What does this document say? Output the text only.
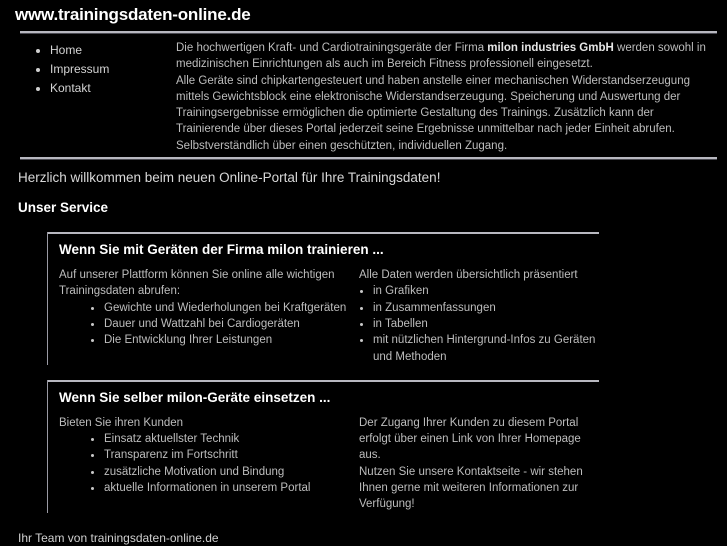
www.trainingsdaten-online.de
Home
Impressum
Kontakt

Die hochwertigen Kraft- und Cardiotrainingsgeräte der Firma milon industries GmbH werden sowohl in medizinischen Einrichtungen als auch im Bereich Fitness professionell eingesetzt.

Alle Geräte sind chipkartengesteuert und haben anstelle einer mechanischen Widerstandserzeugung mittels Gewichtsblock eine elektronische Widerstandserzeugung. Speicherung und Auswertung der Trainingsergebnisse ermöglichen die optimierte Gestaltung des Trainings. Zusätzlich kann der Trainierende über dieses Portal jederzeit seine Ergebnisse unmittelbar nach jeder Einheit abrufen. Selbstverständlich über einen geschützten, individuellen Zugang.

Herzlich willkommen beim neuen Online-Portal für Ihre Trainingsdaten!

Unser Service

Wenn Sie mit Geräten der Firma milon trainieren ...

Auf unserer Plattform können Sie online alle wichtigen Trainingsdaten abrufen:

Gewichte und Wiederholungen bei Kraftgeräten
Dauer und Wattzahl bei Cardiogeräten
Die Entwicklung Ihrer Leistungen

Alle Daten werden übersichtlich präsentiert

in Grafiken
in Zusammenfassungen
in Tabellen
mit nützlichen Hintergrund-Infos zu Geräten und Methoden
Wenn Sie selber milon-Geräte einsetzen ...

Bieten Sie ihren Kunden

Einsatz aktuellster Technik
Transparenz im Fortschritt
zusätzliche Motivation und Bindung
aktuelle Informationen in unserem Portal

Der Zugang Ihrer Kunden zu diesem Portal erfolgt über einen Link von Ihrer Homepage aus.

Nutzen Sie unsere Kontaktseite - wir stehen Ihnen gerne mit weiteren Informationen zur Verfügung!

Ihr Team von trainingsdaten-online.de
